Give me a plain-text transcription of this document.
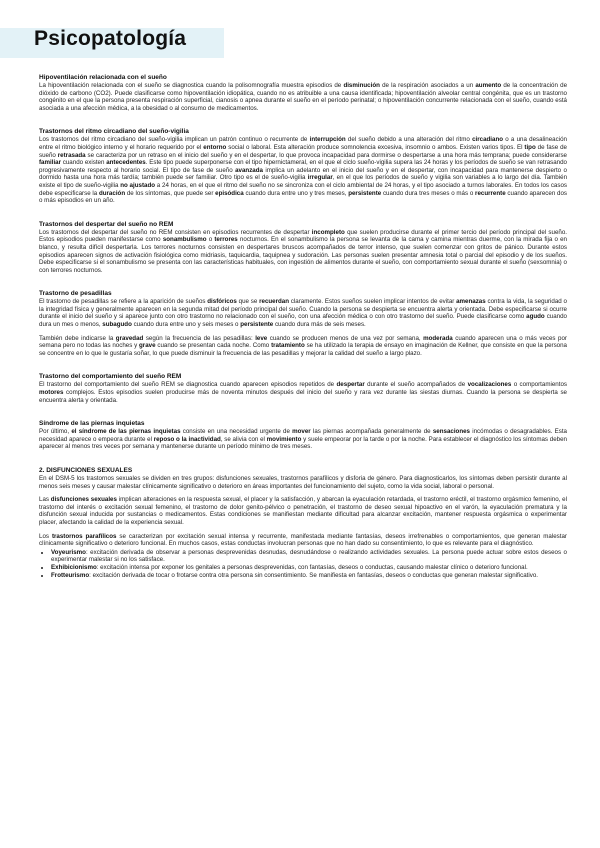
Psicopatología
Hipoventilación relacionada con el sueño

La hipoventilación relacionada con el sueño se diagnostica cuando la polisomnografía muestra episodios de disminución de la respiración asociados a un aumento de la concentración de dióxido de carbono (CO2). Puede clasificarse como hipoventilación idiopática, cuando no es atribuible a una causa identificada; hipoventilación alveolar central congénita, que es un trastorno congénito en el que la persona presenta respiración superficial, cianosis o apnea durante el sueño en el período perinatal; o hipoventilación concurrente relacionada con el sueño, cuando está asociada a una afección médica, a la obesidad o al consumo de medicamentos.

Trastornos del ritmo circadiano del sueño-vigilia

Los trastornos del ritmo circadiano del sueño-vigilia implican un patrón continuo o recurrente de interrupción del sueño debido a una alteración del ritmo circadiano o a una desalineación entre el ritmo biológico interno y el horario requerido por el entorno social o laboral. Esta alteración produce somnolencia excesiva, insomnio o ambos. Existen varios tipos. El tipo de fase de sueño retrasada se caracteriza por un retraso en el inicio del sueño y en el despertar, lo que provoca incapacidad para dormirse o despertarse a una hora más temprana; puede considerarse familiar cuando existen antecedentes. Este tipo puede superponerse con el tipo hipernictameral, en el que el ciclo sueño-vigilia supera las 24 horas y los períodos de sueño se van retrasando progresivamente respecto al horario social. El tipo de fase de sueño avanzada implica un adelanto en el inicio del sueño y en el despertar, con incapacidad para mantenerse despierto o dormido hasta una hora más tardía; también puede ser familiar. Otro tipo es el de sueño-vigilia irregular, en el que los períodos de sueño y vigilia son variables a lo largo del día. También existe el tipo de sueño-vigilia no ajustado a 24 horas, en el que el ritmo del sueño no se sincroniza con el ciclo ambiental de 24 horas, y el tipo asociado a turnos laborales. En todos los casos debe especificarse la duración de los síntomas, que puede ser episódica cuando dura entre uno y tres meses, persistente cuando dura tres meses o más o recurrente cuando aparecen dos o más episodios en un año.

Trastornos del despertar del sueño no REM

Los trastornos del despertar del sueño no REM consisten en episodios recurrentes de despertar incompleto que suelen producirse durante el primer tercio del período principal del sueño. Estos episodios pueden manifestarse como sonambulismo o terrores nocturnos. En el sonambulismo la persona se levanta de la cama y camina mientras duerme, con la mirada fija o en blanco, y resulta difícil despertarla. Los terrores nocturnos consisten en despertares bruscos acompañados de terror intenso, que suelen comenzar con gritos de pánico. Durante estos episodios aparecen signos de activación fisiológica como midriasis, taquicardia, taquipnea y sudoración. Las personas suelen presentar amnesia total o parcial del episodio y de los sueños. Debe especificarse si el sonambulismo se presenta con las características habituales, con ingestión de alimentos durante el sueño, con comportamiento sexual durante el sueño (sexsomnia) o con terrores nocturnos.

Trastorno de pesadillas

El trastorno de pesadillas se refiere a la aparición de sueños disfóricos que se recuerdan claramente. Estos sueños suelen implicar intentos de evitar amenazas contra la vida, la seguridad o la integridad física y generalmente aparecen en la segunda mitad del período principal del sueño. Cuando la persona se despierta se encuentra alerta y orientada. Debe especificarse si ocurre durante el inicio del sueño y si aparece junto con otro trastorno no relacionado con el sueño, con una afección médica o con otro trastorno del sueño. Puede clasificarse como agudo cuando dura un mes o menos, subagudo cuando dura entre uno y seis meses o persistente cuando dura más de seis meses.

También debe indicarse la gravedad según la frecuencia de las pesadillas: leve cuando se producen menos de una vez por semana, moderada cuando aparecen una o más veces por semana pero no todas las noches y grave cuando se presentan cada noche. Como tratamiento se ha utilizado la terapia de ensayo en imaginación de Kellner, que consiste en que la persona se concentre en lo que le gustaría soñar, lo que puede disminuir la frecuencia de las pesadillas y mejorar la calidad del sueño a largo plazo.

Trastorno del comportamiento del sueño REM

El trastorno del comportamiento del sueño REM se diagnostica cuando aparecen episodios repetidos de despertar durante el sueño acompañados de vocalizaciones o comportamientos motores complejos. Estos episodios suelen producirse más de noventa minutos después del inicio del sueño y rara vez durante las siestas diurnas. Cuando la persona se despierta se encuentra alerta y orientada.

Síndrome de las piernas inquietas

Por último, el síndrome de las piernas inquietas consiste en una necesidad urgente de mover las piernas acompañada generalmente de sensaciones incómodas o desagradables. Esta necesidad aparece o empeora durante el reposo o la inactividad, se alivia con el movimiento y suele empeorar por la tarde o por la noche. Para establecer el diagnóstico los síntomas deben aparecer al menos tres veces por semana y mantenerse durante un período mínimo de tres meses.

2. DISFUNCIONES SEXUALES

En el DSM-5 los trastornos sexuales se dividen en tres grupos: disfunciones sexuales, trastornos parafílicos y disforia de género. Para diagnosticarlos, los síntomas deben persistir durante al menos seis meses y causar malestar clínicamente significativo o deterioro en áreas importantes del funcionamiento del sujeto, como la vida social, laboral o personal.

Las disfunciones sexuales implican alteraciones en la respuesta sexual, el placer y la satisfacción, y abarcan la eyaculación retardada, el trastorno eréctil, el trastorno orgásmico femenino, el trastorno del interés o excitación sexual femenino, el trastorno de dolor genito-pélvico o penetración, el trastorno de deseo sexual hipoactivo en el varón, la eyaculación prematura y la disfunción sexual inducida por sustancias o medicamentos. Estas condiciones se manifiestan mediante dificultad para alcanzar excitación, mantener respuesta orgásmica o experimentar placer, afectando la calidad de la experiencia sexual.

Los trastornos parafílicos se caracterizan por excitación sexual intensa y recurrente, manifestada mediante fantasías, deseos irrefrenables o comportamientos, que generan malestar clínicamente significativo o deterioro funcional. En muchos casos, estas conductas involucran personas que no han dado su consentimiento, lo que es relevante para el diagnóstico.

• Voyeurismo: excitación derivada de observar a personas desprevenidas desnudas, desnudándose o realizando actividades sexuales. La persona puede actuar sobre estos deseos o experimentar malestar si no los satisface.
• Exhibicionismo: excitación intensa por exponer los genitales a personas desprevenidas, con fantasías, deseos o conductas, causando malestar clínico o deterioro funcional.
• Frotteurismo: excitación derivada de tocar o frotarse contra otra persona sin consentimiento. Se manifiesta en fantasías, deseos o conductas que generan malestar significativo.
